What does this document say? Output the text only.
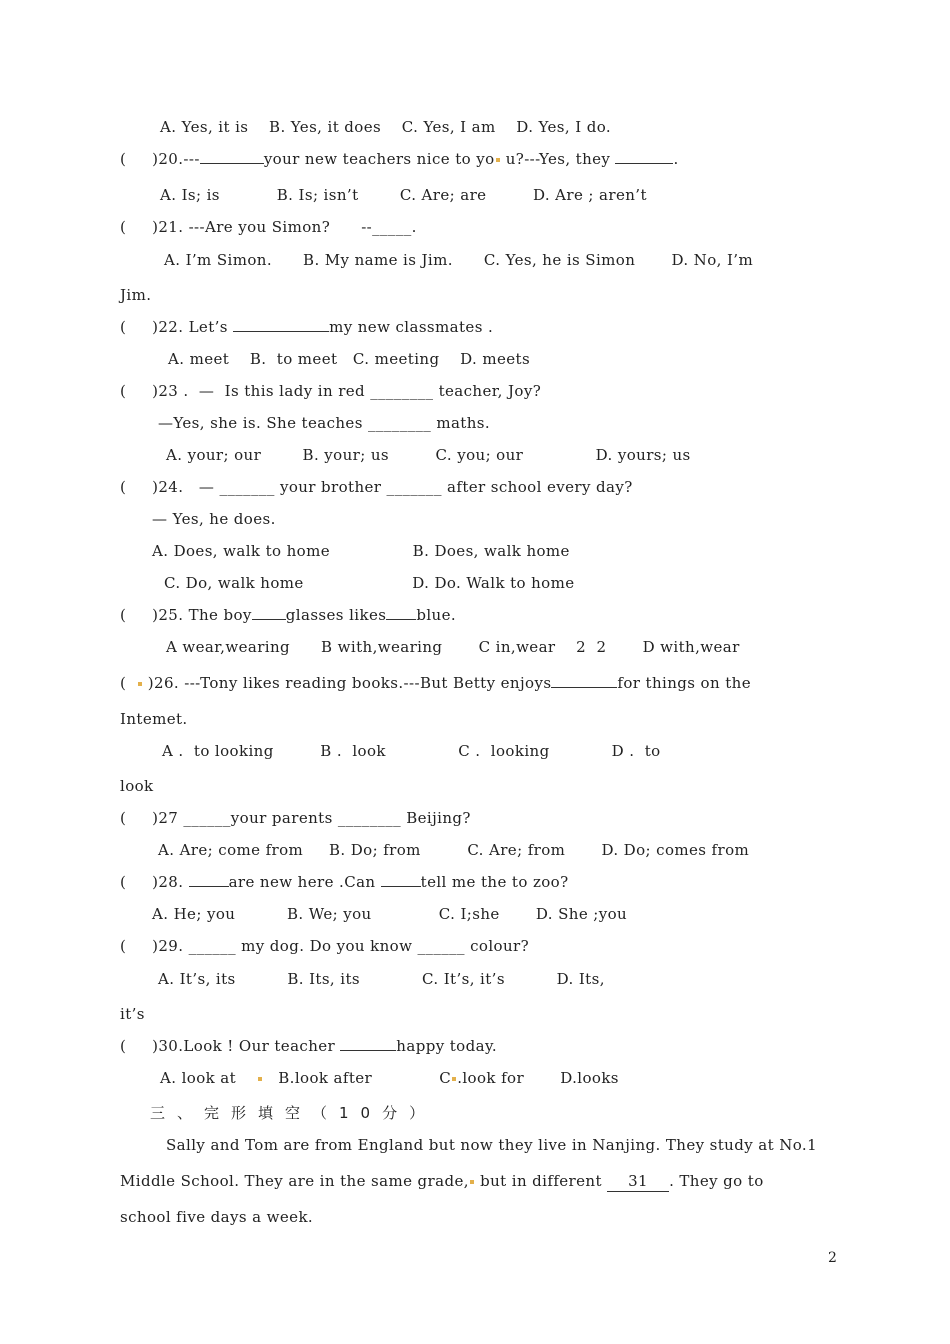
A. Yes, it is    B. Yes, it does    C. Yes, I am    D. Yes, I do.
(     )20.---	your new teachers nice to yo u?---Yes, they	.
A. Is; is           B. Is; isn’t        C. Are; are         D. Are ; aren’t
(     )21. ---Are you Simon?      --_____.
A. I’m Simon.      B. My name is Jim.      C. Yes, he is Simon       D. No, I’m
Jim.
(     )22. Let’s	my new classmates .
A. meet    B.  to meet   C. meeting    D. meets
(     )23 .  —  Is this lady in red ________ teacher, Joy?
—Yes, she is. She teaches ________ maths.
A. your; our        B. your; us         C. you; our              D. yours; us
(     )24.   — _______ your brother _______ after school every day?
— Yes, he does.
A. Does, walk to home                B. Does, walk home
C. Do, walk home                     D. Do. Walk to home
(     )25. The boy glasses likes blue.
A wear,wearing      B with,wearing       C in,wear    2  2       D with,wear
(   )26. ---Tony likes reading books.---But Betty enjoys	for things on the
Intemet.
A .  to looking         B .  look              C .  looking            D .  to
look
(     )27 ______your parents ________ Beijing?
A. Are; come from     B. Do; from         C. Are; from       D. Do; comes from
(     )28.	are new here .Can	tell me the to zoo?
A. He; you          B. We; you             C. I;she       D. She ;you
(     )29. ______ my dog. Do you know ______ colour?
A. It’s, its          B. Its, its            C. It’s, it’s          D. Its,
it’s
(     )30.Look ! Our teacher	happy today.
A. look at       B.look after             C .look for       D.looks
三、完形填空（10分）
Sally and Tom are from England but now they live in Nanjing. They study at No.1
Middle School. They are in the same grade, but in different 31 . They go to
school five days a week.
2
